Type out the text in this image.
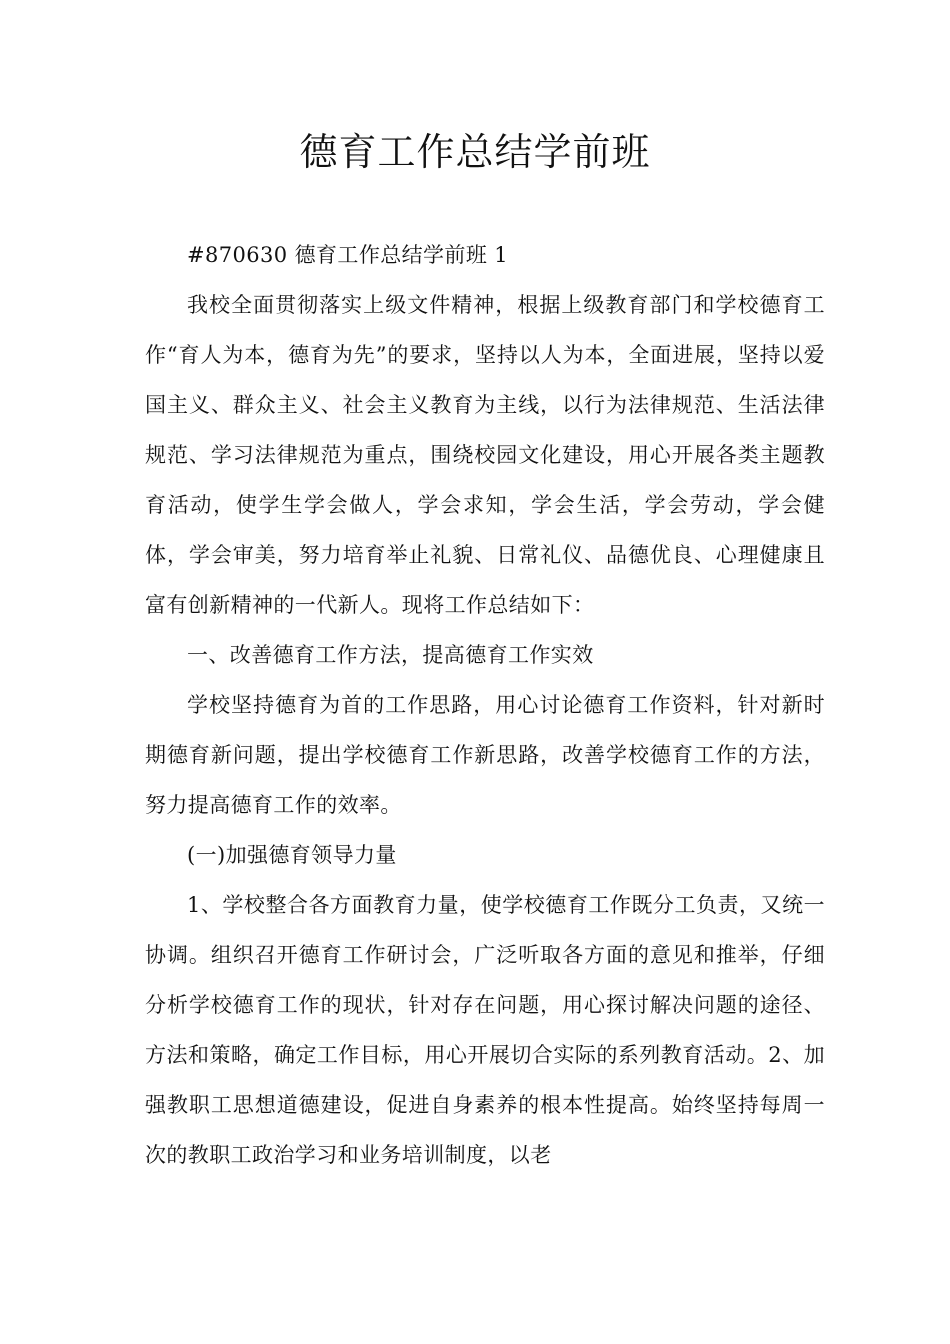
德育工作总结学前班

#870630 德育工作总结学前班 1

我校全面贯彻落实上级文件精神，根据上级教育部门和学校德育工作“育人为本，德育为先”的要求，坚持以人为本，全面进展，坚持以爱国主义、群众主义、社会主义教育为主线，以行为法律规范、生活法律规范、学习法律规范为重点，围绕校园文化建设，用心开展各类主题教育活动，使学生学会做人，学会求知，学会生活，学会劳动，学会健体，学会审美，努力培育举止礼貌、日常礼仪、品德优良、心理健康且富有创新精神的一代新人。现将工作总结如下：

一、改善德育工作方法，提高德育工作实效

学校坚持德育为首的工作思路，用心讨论德育工作资料，针对新时期德育新问题，提出学校德育工作新思路，改善学校德育工作的方法，努力提高德育工作的效率。

(一)加强德育领导力量

1、学校整合各方面教育力量，使学校德育工作既分工负责，又统一协调。组织召开德育工作研讨会，广泛听取各方面的意见和推举，仔细分析学校德育工作的现状，针对存在问题，用心探讨解决问题的途径、方法和策略，确定工作目标，用心开展切合实际的系列教育活动。2、加强教职工思想道德建设，促进自身素养的根本性提高。始终坚持每周一次的教职工政治学习和业务培训制度，以老
